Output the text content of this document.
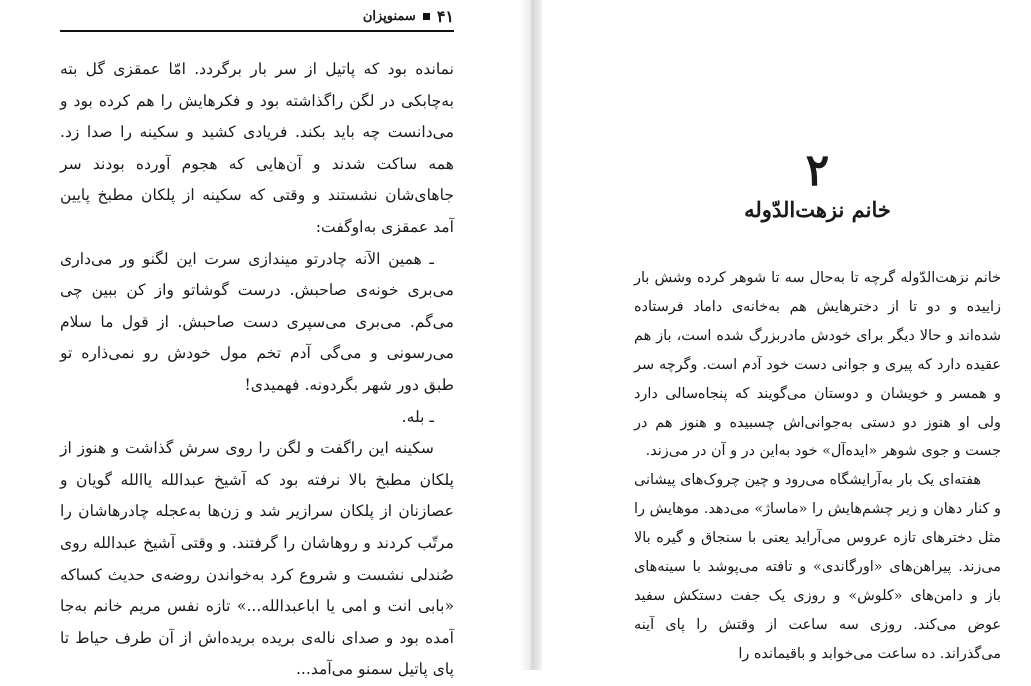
۴۱
سمنوپزان

نمانده بود که پاتیل از سر بار برگردد. امّا عمقزی گل بته به‌چابکی در لگن راگذاشته بود و فکرهایش را هم کرده بود و می‌دانست چه باید بکند. فریادی کشید و سکینه را صدا زد. همه ساکت شدند و آن‌هایی که هجوم آورده بودند سر جاهای‌شان نشستند و وقتی که سکینه از پلکان مطبخ پایین آمد عمقزی به‌اوگفت:

ـ همین الآنه چادرتو میندازی سرت این لگنو ور می‌داری می‌بری خونه‌ی صاحبش. درست گوشاتو واز کن ببین چی می‌گم. می‌بری می‌سپری دست صاحبش. از قول ما سلام می‌رسونی و می‌گی آدم تخم مول خودش رو نمی‌ذاره تو طبق دور شهر بگردونه. فهمیدی!

ـ بله.

سکینه این راگفت و لگن را روی سرش گذاشت و هنوز از پلکان مطبخ بالا نرفته بود که آشیخ عبدالله یاالله گویان و عصازنان از پلکان سرازیر شد و زن‌ها به‌عجله چادرهاشان را مرتّب کردند و روهاشان را گرفتند. و وقتی آشیخ عبدالله روی صُندلی نشست و شروع کرد به‌خواندن روضه‌ی حدیث کساکه «بابی انت و امی یا اباعبدالله...» تازه نفس مریم خانم به‌جا آمده بود و صدای ناله‌ی بریده بریده‌اش از آن طرف حیاط تا پای پاتیل سمنو می‌آمد...

۲
خانم نزهت‌الدّوله

خانم نزهت‌الدّوله گرچه تا به‌حال سه تا شوهر کرده وشش بار زاییده و دو تا از دخترهایش هم به‌خانه‌ی داماد فرستاده شده‌اند و حالا دیگر برای خودش مادربزرگ شده است، باز هم عقیده دارد که پیری و جوانی دست خود آدم است. وگرچه سر و همسر و خویشان و دوستان می‌گویند که پنجاه‌سالی دارد ولی او هنوز دو دستی به‌جوانی‌اش چسبیده و هنوز هم در جست و جوی شوهر «ایده‌آل» خود به‌این در و آن در می‌زند.

هفته‌ای یک بار به‌آرایشگاه می‌رود و چین چروک‌های پیشانی و کنار دهان و زیر چشم‌هایش را «ماساژ» می‌دهد. موهایش را مثل دخترهای تازه عروس می‌آراید یعنی با سنجاق و گیره بالا می‌زند. پیراهن‌های «اورگاندی» و تافته می‌پوشد با سینه‌های باز و دامن‌های «کلوش» و روزی یک جفت دستکش سفید عوض می‌کند. روزی سه ساعت از وقتش را پای آینه می‌گذراند. ده ساعت می‌خوابد و باقیمانده را
